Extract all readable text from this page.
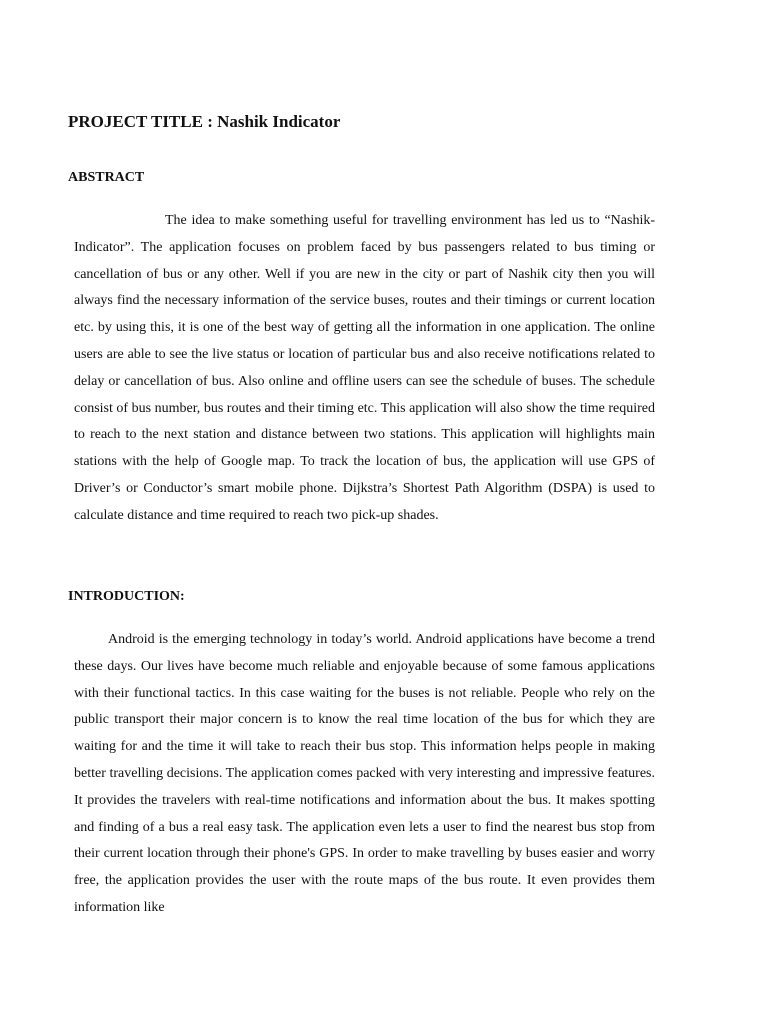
PROJECT TITLE : Nashik Indicator
ABSTRACT

The idea to make something useful for travelling environment has led us to “Nashik-Indicator”. The application focuses on problem faced by bus passengers related to bus timing or cancellation of bus or any other. Well if you are new in the city or part of Nashik city then you will always find the necessary information of the service buses, routes and their timings or current location etc. by using this, it is one of the best way of getting all the information in one application. The online users are able to see the live status or location of particular bus and also receive notifications related to delay or cancellation of bus. Also online and offline users can see the schedule of buses. The schedule consist of bus number, bus routes and their timing etc. This application will also show the time required to reach to the next station and distance between two stations. This application will highlights main stations with the help of Google map. To track the location of bus, the application will use GPS of Driver’s or Conductor’s smart mobile phone. Dijkstra’s Shortest Path Algorithm (DSPA) is used to calculate distance and time required to reach two pick-up shades.

INTRODUCTION:

Android is the emerging technology in today’s world. Android applications have become a trend these days. Our lives have become much reliable and enjoyable because of some famous applications with their functional tactics. In this case waiting for the buses is not reliable. People who rely on the public transport their major concern is to know the real time location of the bus for which they are waiting for and the time it will take to reach their bus stop. This information helps people in making better travelling decisions. The application comes packed with very interesting and impressive features. It provides the travelers with real-time notifications and information about the bus. It makes spotting and finding of a bus a real easy task. The application even lets a user to find the nearest bus stop from their current location through their phone's GPS. In order to make travelling by buses easier and worry free, the application provides the user with the route maps of the bus route. It even provides them information like
